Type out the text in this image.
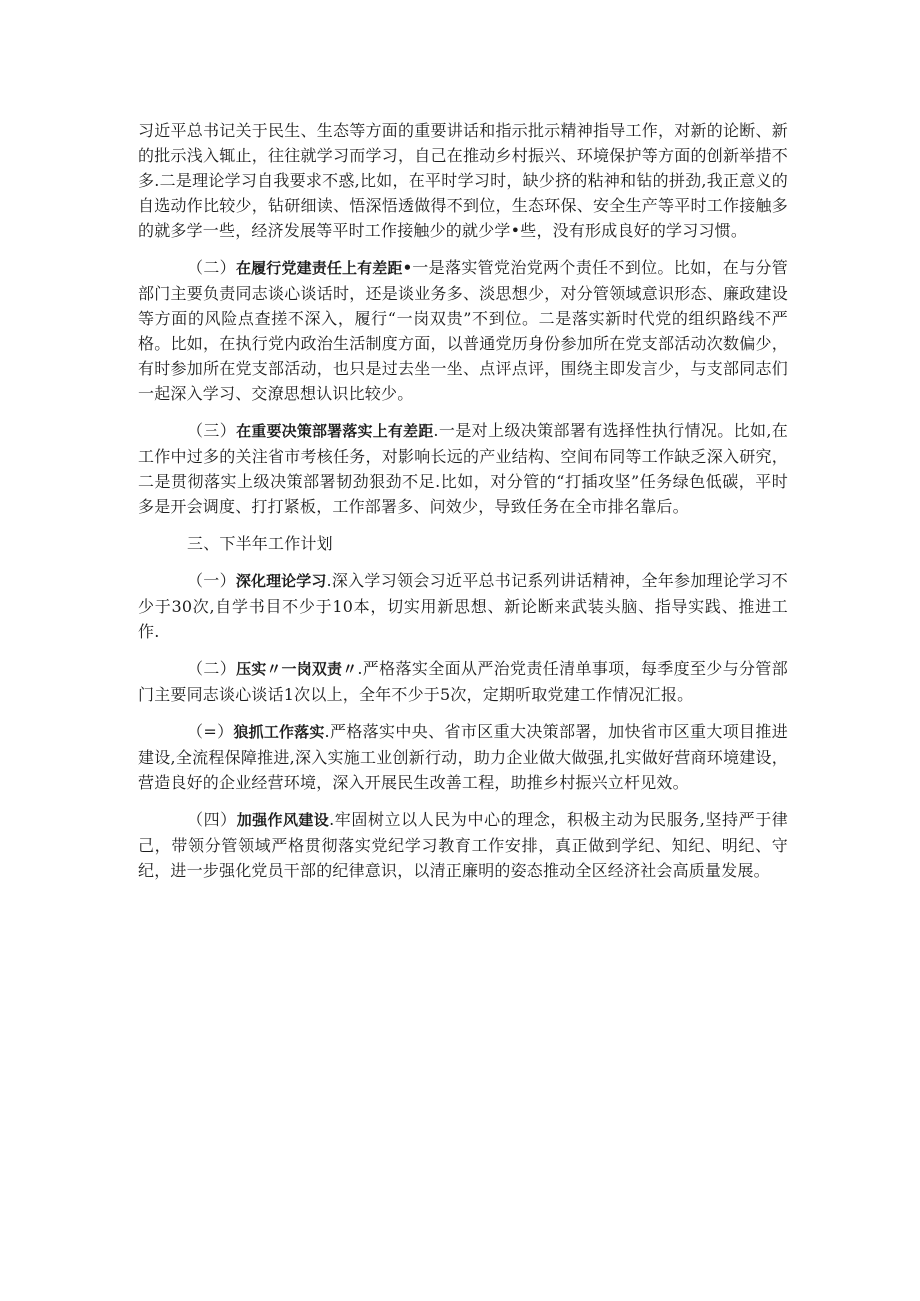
习近平总书记关于民生、生态等方面的重要讲话和指示批示精神指导工作，对新的论断、新的批示浅入辄止，往往就学习而学习，自己在推动乡村振兴、环境保护等方面的创新举措不多.二是理论学习自我要求不惑,比如，在平时学习时，缺少挤的粘神和钻的拼劲,我正意义的自选动作比较少，钻研细读、悟深悟透做得不到位，生态环保、安全生产等平时工作接触多的就多学一些，经济发展等平时工作接触少的就少学•些，没有形成良好的学习习惯。

（二）在履行党建责任上有差距•一是落实管党治党两个责任不到位。比如，在与分管部门主要负责同志谈心谈话时，还是谈业务多、淡思想少，对分管领域意识形态、廉政建设等方面的风险点查搓不深入，履行“一岗双贵”不到位。二是落实新时代党的组织路线不严格。比如，在执行党内政治生活制度方面，以普通党历身份参加所在党支部活动次数偏少，有时参加所在党支部活动，也只是过去坐一坐、点评点评，围绕主即发言少，与支部同志们一起深入学习、交潦思想认识比较少。

（三）在重要决策部署落实上有差距.一是对上级决策部署有选择性执行情况。比如,在工作中过多的关注省市考核任务，对影响长远的产业结构、空间布同等工作缺乏深入研究，二是贯彻落实上级决策部署韧劲狠劲不足.比如，对分管的“打插攻坚”任务绿色低碳，平时多是开会调度、打打紧板，工作部署多、问效少，导致任务在全市排名靠后。

三、下半年工作计划

（一）深化理论学习.深入学习领会习近平总书记系列讲话精神，全年参加理论学习不少于30次,自学书目不少于10本，切实用新思想、新论断来武装头脑、指导实践、推进工作.

（二）压实〃一岗双责〃.严格落实全面从严治党责任清单事项，每季度至少与分管部门主要同志谈心谈话1次以上，全年不少于5次，定期听取党建工作情况汇报。

（=）狼抓工作落实.严格落实中央、省市区重大决策部署，加快省市区重大项目推进建设,全流程保障推进,深入实施工业创新行动，助力企业做大做强,扎实做好营商环境建设，营造良好的企业经营环境，深入开展民生改善工程，助推乡村振兴立杆见效。

（四）加强作风建设.牢固树立以人民为中心的理念，积极主动为民服务,坚持严于律己，带领分管领域严格贯彻落实党纪学习教育工作安排，真正做到学纪、知纪、明纪、守纪，进一步强化党员干部的纪律意识，以清正廉明的姿态推动全区经济社会高质量发展。
